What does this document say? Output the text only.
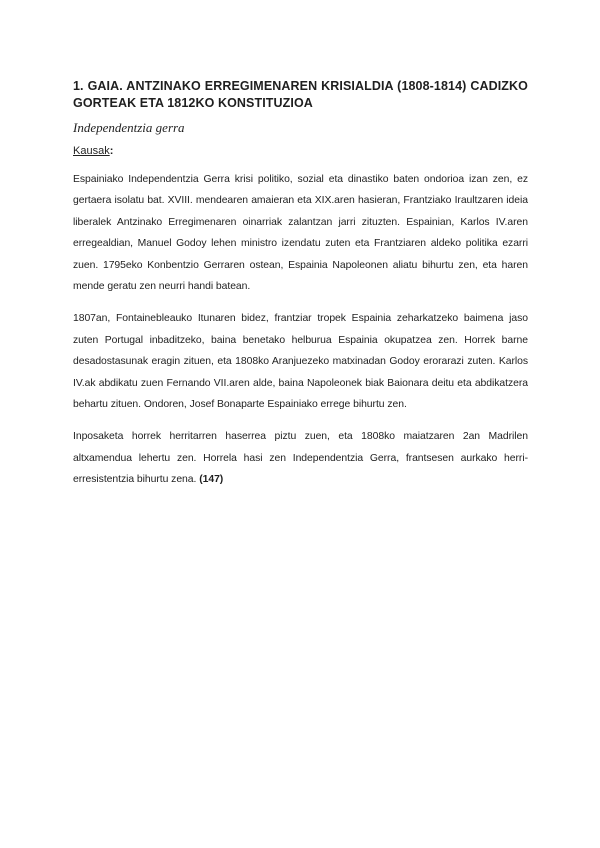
1. GAIA. ANTZINAKO ERREGIMENAREN KRISIALDIA (1808-1814) CADIZKO GORTEAK ETA 1812KO KONSTITUZIOA
Independentzia gerra
Kausak:

Espainiako Independentzia Gerra krisi politiko, sozial eta dinastiko baten ondorioa izan zen, ez gertaera isolatu bat. XVIII. mendearen amaieran eta XIX.aren hasieran, Frantziako Iraultzaren ideia liberalek Antzinako Erregimenaren oinarriak zalantzan jarri zituzten. Espainian, Karlos IV.aren erregealdian, Manuel Godoy lehen ministro izendatu zuten eta Frantziaren aldeko politika ezarri zuen. 1795eko Konbentzio Gerraren ostean, Espainia Napoleonen aliatu bihurtu zen, eta haren mende geratu zen neurri handi batean.

1807an, Fontainebleauko Itunaren bidez, frantziar tropek Espainia zeharkatzeko baimena jaso zuten Portugal inbaditzeko, baina benetako helburua Espainia okupatzea zen. Horrek barne desadostasunak eragin zituen, eta 1808ko Aranjuezeko matxinadan Godoy erorarazi zuten. Karlos IV.ak abdikatu zuen Fernando VII.aren alde, baina Napoleonek biak Baionara deitu eta abdikatzera behartu zituen. Ondoren, Josef Bonaparte Espainiako errege bihurtu zen.

Inposaketa horrek herritarren haserrea piztu zuen, eta 1808ko maiatzaren 2an Madrilen altxamendua lehertu zen. Horrela hasi zen Independentzia Gerra, frantsesen aurkako herri-erresistentzia bihurtu zena. (147)
